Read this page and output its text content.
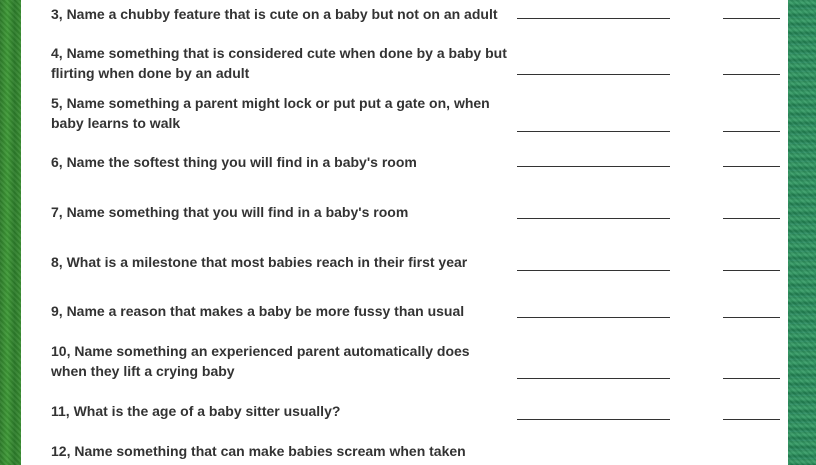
3, Name a chubby feature that is cute on a baby but not on an adult
4, Name something that is considered cute when done by a baby but
flirting when done by an adult
5, Name something a parent might lock or put put a gate on, when
baby learns to walk
6, Name the softest thing you will find in a baby's room
7, Name something that you will find in a baby's room
8, What is a milestone that most babies reach in their first year
9, Name a reason that makes a baby be more fussy than usual
10, Name something an experienced parent automatically does
when they lift a crying baby
11, What is the age of a baby sitter usually?
12, Name something that can make babies scream when taken
